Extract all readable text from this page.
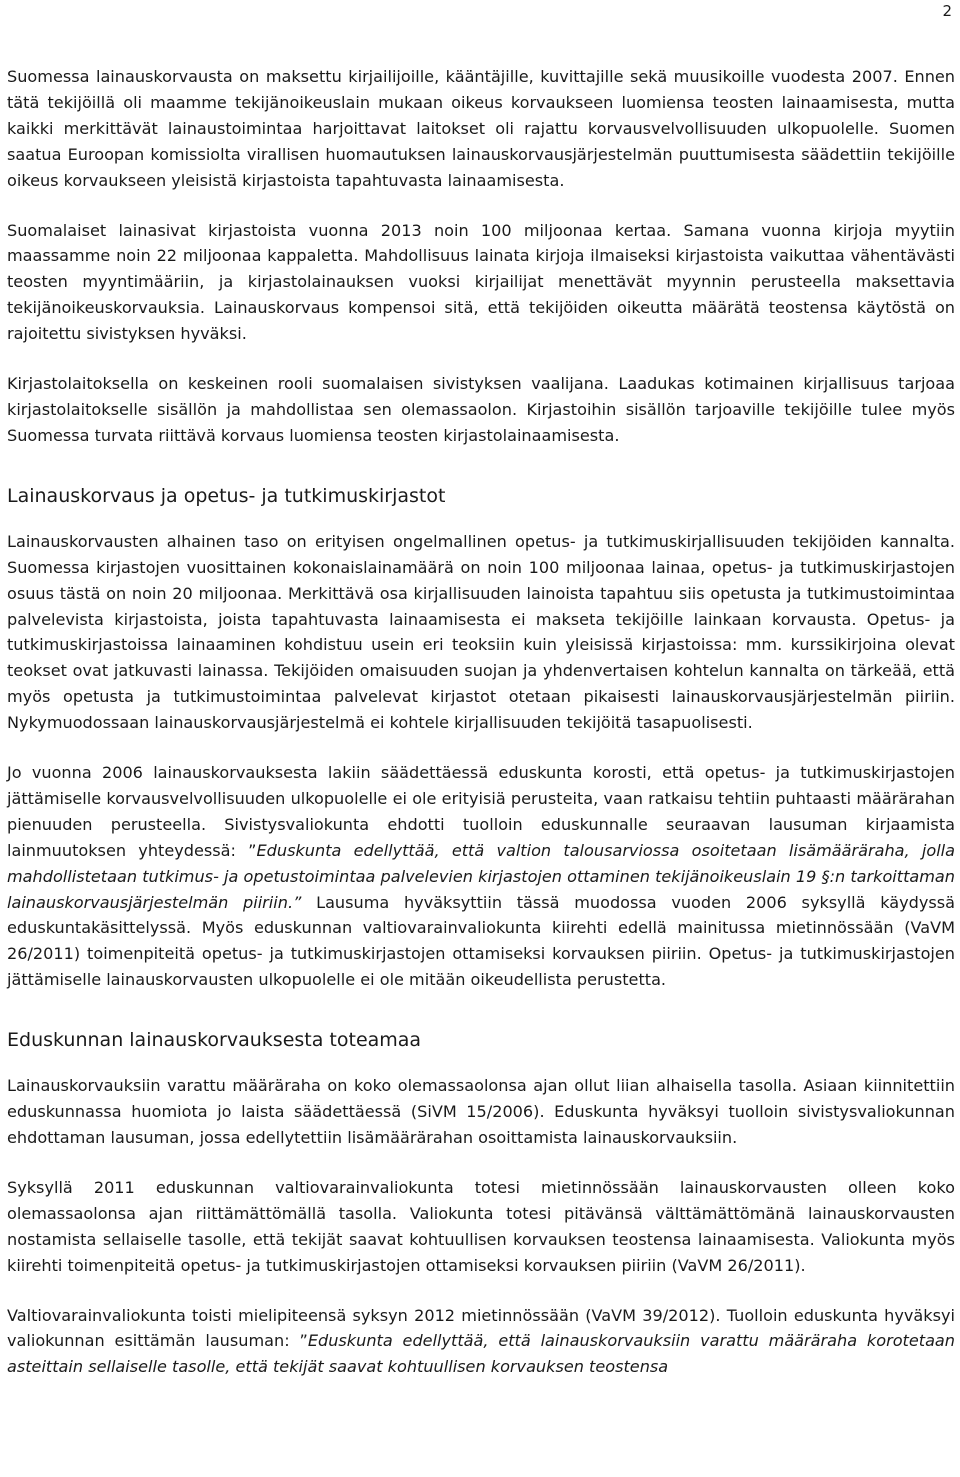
2

Suomessa lainauskorvausta on maksettu kirjailijoille, kääntäjille, kuvittajille sekä muusikoille vuodesta 2007. Ennen tätä tekijöillä oli maamme tekijänoikeuslain mukaan oikeus korvaukseen luomiensa teosten lainaamisesta, mutta kaikki merkittävät lainaustoimintaa harjoittavat laitokset oli rajattu korvausvelvollisuuden ulkopuolelle. Suomen saatua Euroopan komissiolta virallisen huomautuksen lainauskorvausjärjestelmän puuttumisesta säädettiin tekijöille oikeus korvaukseen yleisistä kirjastoista tapahtuvasta lainaamisesta.

Suomalaiset lainasivat kirjastoista vuonna 2013 noin 100 miljoonaa kertaa. Samana vuonna kirjoja myytiin maassamme noin 22 miljoonaa kappaletta. Mahdollisuus lainata kirjoja ilmaiseksi kirjastoista vaikuttaa vähentävästi teosten myyntimääriin, ja kirjastolainauksen vuoksi kirjailijat menettävät myynnin perusteella maksettavia tekijänoikeuskorvauksia. Lainauskorvaus kompensoi sitä, että tekijöiden oikeutta määrätä teostensa käytöstä on rajoitettu sivistyksen hyväksi.

Kirjastolaitoksella on keskeinen rooli suomalaisen sivistyksen vaalijana. Laadukas kotimainen kirjallisuus tarjoaa kirjastolaitokselle sisällön ja mahdollistaa sen olemassaolon. Kirjastoihin sisällön tarjoaville tekijöille tulee myös Suomessa turvata riittävä korvaus luomiensa teosten kirjastolainaamisesta.

Lainauskorvaus ja opetus- ja tutkimuskirjastot

Lainauskorvausten alhainen taso on erityisen ongelmallinen opetus- ja tutkimuskirjallisuuden tekijöiden kannalta. Suomessa kirjastojen vuosittainen kokonaislainamäärä on noin 100 miljoonaa lainaa, opetus- ja tutkimuskirjastojen osuus tästä on noin 20 miljoonaa. Merkittävä osa kirjallisuuden lainoista tapahtuu siis opetusta ja tutkimustoimintaa palvelevista kirjastoista, joista tapahtuvasta lainaamisesta ei makseta tekijöille lainkaan korvausta. Opetus- ja tutkimuskirjastoissa lainaaminen kohdistuu usein eri teoksiin kuin yleisissä kirjastoissa: mm. kurssikirjoina olevat teokset ovat jatkuvasti lainassa. Tekijöiden omaisuuden suojan ja yhdenvertaisen kohtelun kannalta on tärkeää, että myös opetusta ja tutkimustoimintaa palvelevat kirjastot otetaan pikaisesti lainauskorvausjärjestelmän piiriin. Nykymuodossaan lainauskorvausjärjestelmä ei kohtele kirjallisuuden tekijöitä tasapuolisesti.

Jo vuonna 2006 lainauskorvauksesta lakiin säädettäessä eduskunta korosti, että opetus- ja tutkimuskirjastojen jättämiselle korvausvelvollisuuden ulkopuolelle ei ole erityisiä perusteita, vaan ratkaisu tehtiin puhtaasti määrärahan pienuuden perusteella. Sivistysvaliokunta ehdotti tuolloin eduskunnalle seuraavan lausuman kirjaamista lainmuutoksen yhteydessä: ”Eduskunta edellyttää, että valtion talousarviossa osoitetaan lisämääräraha, jolla mahdollistetaan tutkimus- ja opetustoimintaa palvelevien kirjastojen ottaminen tekijänoikeuslain 19 §:n tarkoittaman lainauskorvausjärjestelmän piiriin.” Lausuma hyväksyttiin tässä muodossa vuoden 2006 syksyllä käydyssä eduskuntakäsittelyssä. Myös eduskunnan valtiovarainvaliokunta kiirehti edellä mainitussa mietinnössään (VaVM 26/2011) toimenpiteitä opetus- ja tutkimuskirjastojen ottamiseksi korvauksen piiriin. Opetus- ja tutkimuskirjastojen jättämiselle lainauskorvausten ulkopuolelle ei ole mitään oikeudellista perustetta.

Eduskunnan lainauskorvauksesta toteamaa

Lainauskorvauksiin varattu määräraha on koko olemassaolonsa ajan ollut liian alhaisella tasolla. Asiaan kiinnitettiin eduskunnassa huomiota jo laista säädettäessä (SiVM 15/2006). Eduskunta hyväksyi tuolloin sivistysvaliokunnan ehdottaman lausuman, jossa edellytettiin lisämäärärahan osoittamista lainauskorvauksiin.

Syksyllä 2011 eduskunnan valtiovarainvaliokunta totesi mietinnössään lainauskorvausten olleen koko olemassaolonsa ajan riittämättömällä tasolla. Valiokunta totesi pitävänsä välttämättömänä lainauskorvausten nostamista sellaiselle tasolle, että tekijät saavat kohtuullisen korvauksen teostensa lainaamisesta. Valiokunta myös kiirehti toimenpiteitä opetus- ja tutkimuskirjastojen ottamiseksi korvauksen piiriin (VaVM 26/2011).

Valtiovarainvaliokunta toisti mielipiteensä syksyn 2012 mietinnössään (VaVM 39/2012). Tuolloin eduskunta hyväksyi valiokunnan esittämän lausuman: ”Eduskunta edellyttää, että lainauskorvauksiin varattu määräraha korotetaan asteittain sellaiselle tasolle, että tekijät saavat kohtuullisen korvauksen teostensa
